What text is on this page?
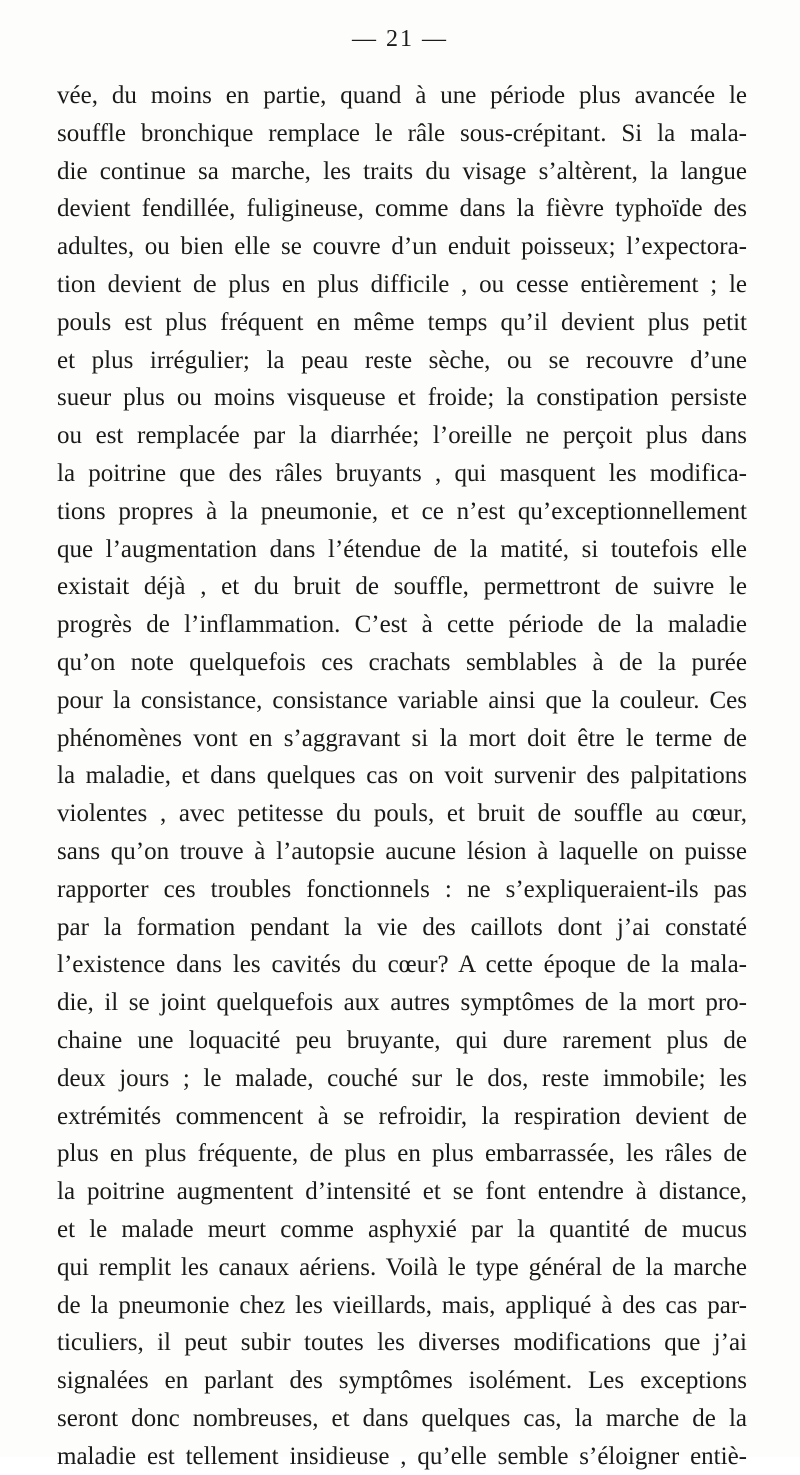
— 21 —
vée, du moins en partie, quand à une période plus avancée le
souffle bronchique remplace le râle sous-crépitant. Si la mala-
die continue sa marche, les traits du visage s’altèrent, la langue
devient fendillée, fuligineuse, comme dans la fièvre typhoïde des
adultes, ou bien elle se couvre d’un enduit poisseux; l’expectora-
tion devient de plus en plus difficile , ou cesse entièrement ; le
pouls est plus fréquent en même temps qu’il devient plus petit
et plus irrégulier; la peau reste sèche, ou se recouvre d’une
sueur plus ou moins visqueuse et froide; la constipation persiste
ou est remplacée par la diarrhée; l’oreille ne perçoit plus dans
la poitrine que des râles bruyants , qui masquent les modifica-
tions propres à la pneumonie, et ce n’est qu’exceptionnellement
que l’augmentation dans l’étendue de la matité, si toutefois elle
existait déjà , et du bruit de souffle, permettront de suivre le
progrès de l’inflammation. C’est à cette période de la maladie
qu’on note quelquefois ces crachats semblables à de la purée
pour la consistance, consistance variable ainsi que la couleur. Ces
phénomènes vont en s’aggravant si la mort doit être le terme de
la maladie, et dans quelques cas on voit survenir des palpitations
violentes , avec petitesse du pouls, et bruit de souffle au cœur,
sans qu’on trouve à l’autopsie aucune lésion à laquelle on puisse
rapporter ces troubles fonctionnels : ne s’expliqueraient-ils pas
par la formation pendant la vie des caillots dont j’ai constaté
l’existence dans les cavités du cœur? A cette époque de la mala-
die, il se joint quelquefois aux autres symptômes de la mort pro-
chaine une loquacité peu bruyante, qui dure rarement plus de
deux jours ; le malade, couché sur le dos, reste immobile; les
extrémités commencent à se refroidir, la respiration devient de
plus en plus fréquente, de plus en plus embarrassée, les râles de
la poitrine augmentent d’intensité et se font entendre à distance,
et le malade meurt comme asphyxié par la quantité de mucus
qui remplit les canaux aériens. Voilà le type général de la marche
de la pneumonie chez les vieillards, mais, appliqué à des cas par-
ticuliers, il peut subir toutes les diverses modifications que j’ai
signalées en parlant des symptômes isolément. Les exceptions
seront donc nombreuses, et dans quelques cas, la marche de la
maladie est tellement insidieuse , qu’elle semble s’éloigner entiè-
